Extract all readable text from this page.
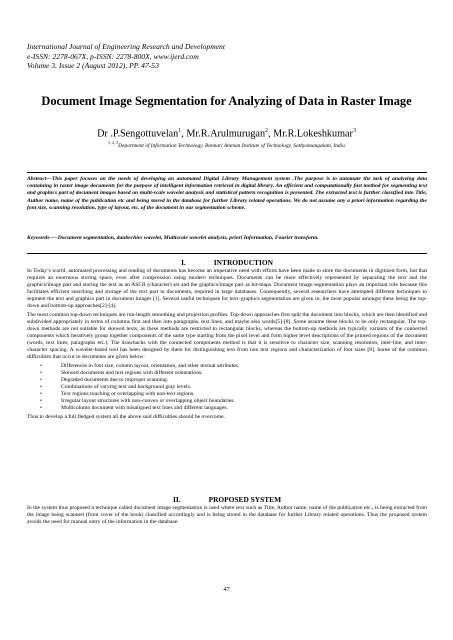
International Journal of Engineering Research and Development
e-ISSN: 2278-067X, p-ISSN: 2278-800X, www.ijerd.com
Volume 3, Issue 2 (August 2012), PP. 47-53
Document Image Segmentation for Analyzing of Data in Raster Image
Dr .P.Sengottuvelan$^1$, Mr.R.Arulmurugan$^2$, Mr.R.Lokeshkumar$^3$
$^{1, 2, 3}$Department of Information Technology, Bannari Amman Institute of Technology, Sathyamangalam, India
Abstract—This paper focuses on the needs of developing an automated Digital Library Management system .The purpose is to automate the task of analyzing data containing in raster image documents for the purpose of intelligent information retrieval in digital library. An efficient and computationally fast method for segmenting text and graphics part of document images based on multi-scale wavelet analysis and statistical pattern recognition is presented. The extracted text is further classified into Title, Author name, name of the publication etc and being stored in the database for further Library related operations. We do not assume any a priori information regarding the font size, scanning resolution, type of layout, etc. of the document in our segmentation scheme.
Keywords—–Document segmentation, daubechies wavelet, Multiscale wavelet analysis, priori Information, Fourier transform.
I.	INTRODUCTION

In Today’s world, automated processing and reading of documents has become an imperative need with efforts have been made to store the documents in digitized form, but that requires an enormous storing space, even after compression using modern techniques. Documents can be more effectively represented by separating the text and the graphics/image part and storing the text as an ASCII (character) set and the graphics/image part as bit-maps. Document image segmentation plays an important role because this facilitates efficient searching and storage of the text part in documents, required in large databases. Consequently, several researchers have attempted different techniques to segment the text and graphics part in document images [1]. Several useful techniques for text–graphics segmentation are given in, the most popular amongst these being the top-down and bottom-up approaches[2]-[4].

The most common top-down techniques are run-length smoothing and projection profiles. Top-down approaches first split the document into blocks, which are then identified and subdivided appropriately in terms of columns first and then into paragraphs, text lines, and maybe also words[5]-[8]. Some assume these blocks to be only rectangular. The top-down methods are not suitable for skewed texts, as these methods are restricted to rectangular blocks, whereas the bottom-up methods are typically variants of the connected components which iteratively group together components of the same type starting from the pixel level and form higher level descriptions of the printed regions of the document (words, text lines, paragraphs etc.). The drawbacks with the connected components method is that it is sensitive to character size, scanning resolution, inter-line, and inter-character spacing. A wavelet-based tool has been designed by them for distinguishing text from non text regions and characterization of font sizes [8]. Some of the common difficulties that occur in documents are given below:

• Differences in font size, column layout, orientation, and other textual attributes.
• Skewed documents and text regions with different orientations.
• Degraded documents due to improper scanning.
• Combinations of varying text and background gray levels.
• Text regions touching or overlapping with non-text regions.
• Irregular layout structures with non-convex or overlapping object boundaries.
• Multicolumn document with misaligned text lines and different languages.

Thus to develop a full fledged system all the above said difficulties should be overcome.

II.	PROPOSED SYSTEM

In the system thus proposed a technique called document image segmentation is used where text such as Title, Author name, name of the publication etc., is being extracted from the image being scanned (front cover of the book) classified accordingly and is being stored in the database for further Library related operations. Thus the proposed system avoids the need for manual entry of the information in the database.

47
